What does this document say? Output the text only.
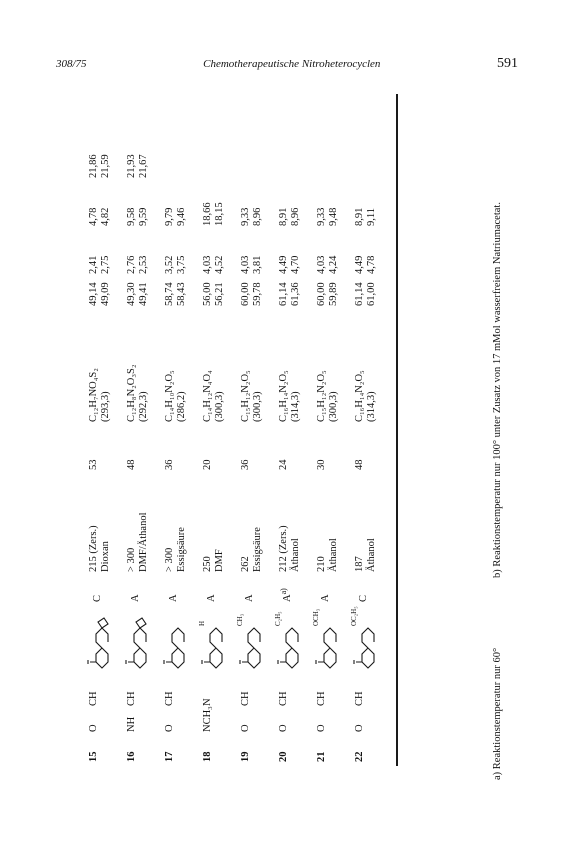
308/75	Chemotherapeutische Nitroheterocyclen	591
15
O
CH
C
215 (Zers.) Dioxan
53
C₁₂H₇NO₄S₂ (293,3)
49,14 49,09
2,41 2,75
4,78 4,82
21,86 21,59
16
NH
CH
A
> 300 DMF/Äthanol
48
C₁₂H₈N₂O₃S₂ (292,3)
49,30 49,41
2,76 2,53
9,58 9,59
21,93 21,67
17
O
CH
A
> 300 Essigsäure
36
C₁₄H₁₀N₂O₅ (286,2)
58,74 58,43
3,52 3,75
9,79 9,46
18
NCH₃
N
H
A
250 DMF
20
C₁₄H₁₂N₄O₄ (300,3)
56,00 56,21
4,03 4,52
18,66 18,15
19
O
CH
CH₃
A
262 Essigsäure
36
C₁₅H₁₂N₂O₅ (300,3)
60,00 59,78
4,03 3,81
9,33 8,96
20
O
CH
C₂H₅
$A^{a)}$
212 (Zers.) Äthanol
24
C₁₆H₁₄N₂O₅ (314,3)
61,14 61,36
4,49 4,70
8,91 8,96
21
O
CH
OCH₃
A
210 Äthanol
30
C₁₅H₁₂N₂O₅ (300,3)
60,00 59,89
4,03 4,24
9,33 9,48
22
O
CH
OC₂H₅
C
187 Äthanol
48
C₁₆H₁₄N₂O₅ (314,3)
61,14 61,00
4,49 4,78
8,91 9,11
a) Reaktionstemperatur nur 60°
b) Reaktionstemperatur nur 100° unter Zusatz von 17 mMol wasserfreiem Natriumacetat.
